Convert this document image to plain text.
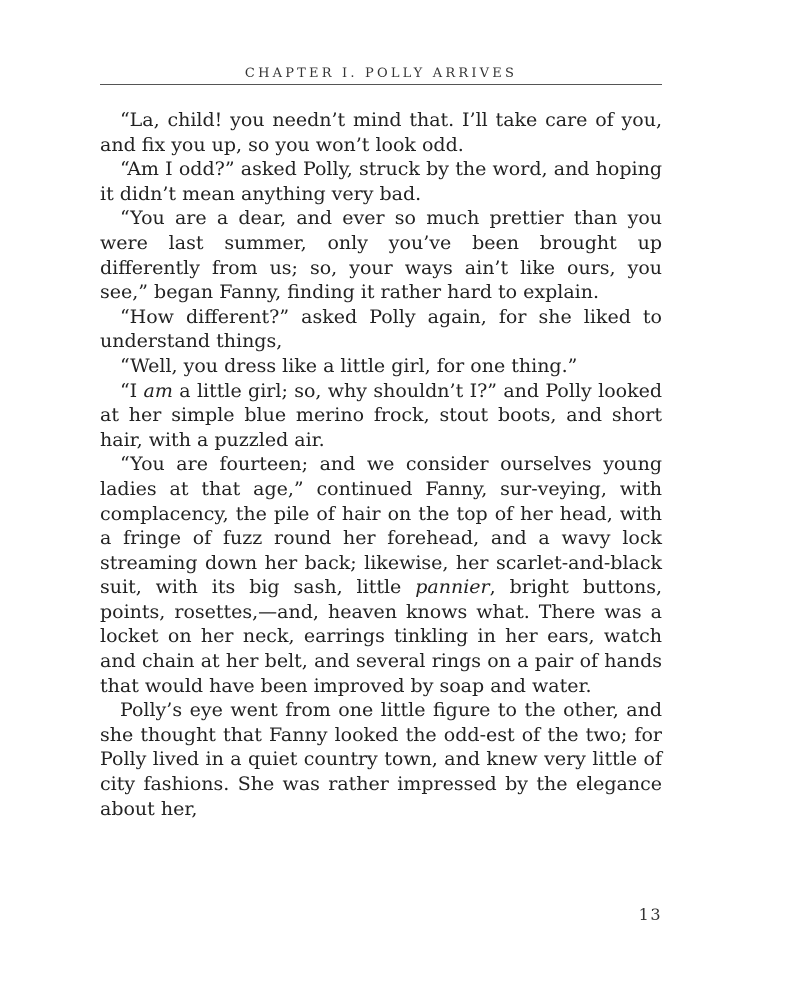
CHAPTER I. POLLY ARRIVES

“La, child! you needn’t mind that. I’ll take care of you, and fix you up, so you won’t look odd.

“Am I odd?” asked Polly, struck by the word, and hoping it didn’t mean anything very bad.

“You are a dear, and ever so much prettier than you were last summer, only you’ve been brought up differently from us; so, your ways ain’t like ours, you see,” began Fanny, finding it rather hard to explain.

“How different?” asked Polly again, for she liked to understand things,

“Well, you dress like a little girl, for one thing.”

“I am a little girl; so, why shouldn’t I?” and Polly looked at her simple blue merino frock, stout boots, and short hair, with a puzzled air.

“You are fourteen; and we consider ourselves young ladies at that age,” continued Fanny, sur-veying, with complacency, the pile of hair on the top of her head, with a fringe of fuzz round her forehead, and a wavy lock streaming down her back; likewise, her scarlet-and-black suit, with its big sash, little pannier, bright buttons, points, rosettes,—and, heaven knows what. There was a locket on her neck, earrings tinkling in her ears, watch and chain at her belt, and several rings on a pair of hands that would have been improved by soap and water.

Polly’s eye went from one little figure to the other, and she thought that Fanny looked the odd-est of the two; for Polly lived in a quiet country town, and knew very little of city fashions. She was rather impressed by the elegance about her,

13
